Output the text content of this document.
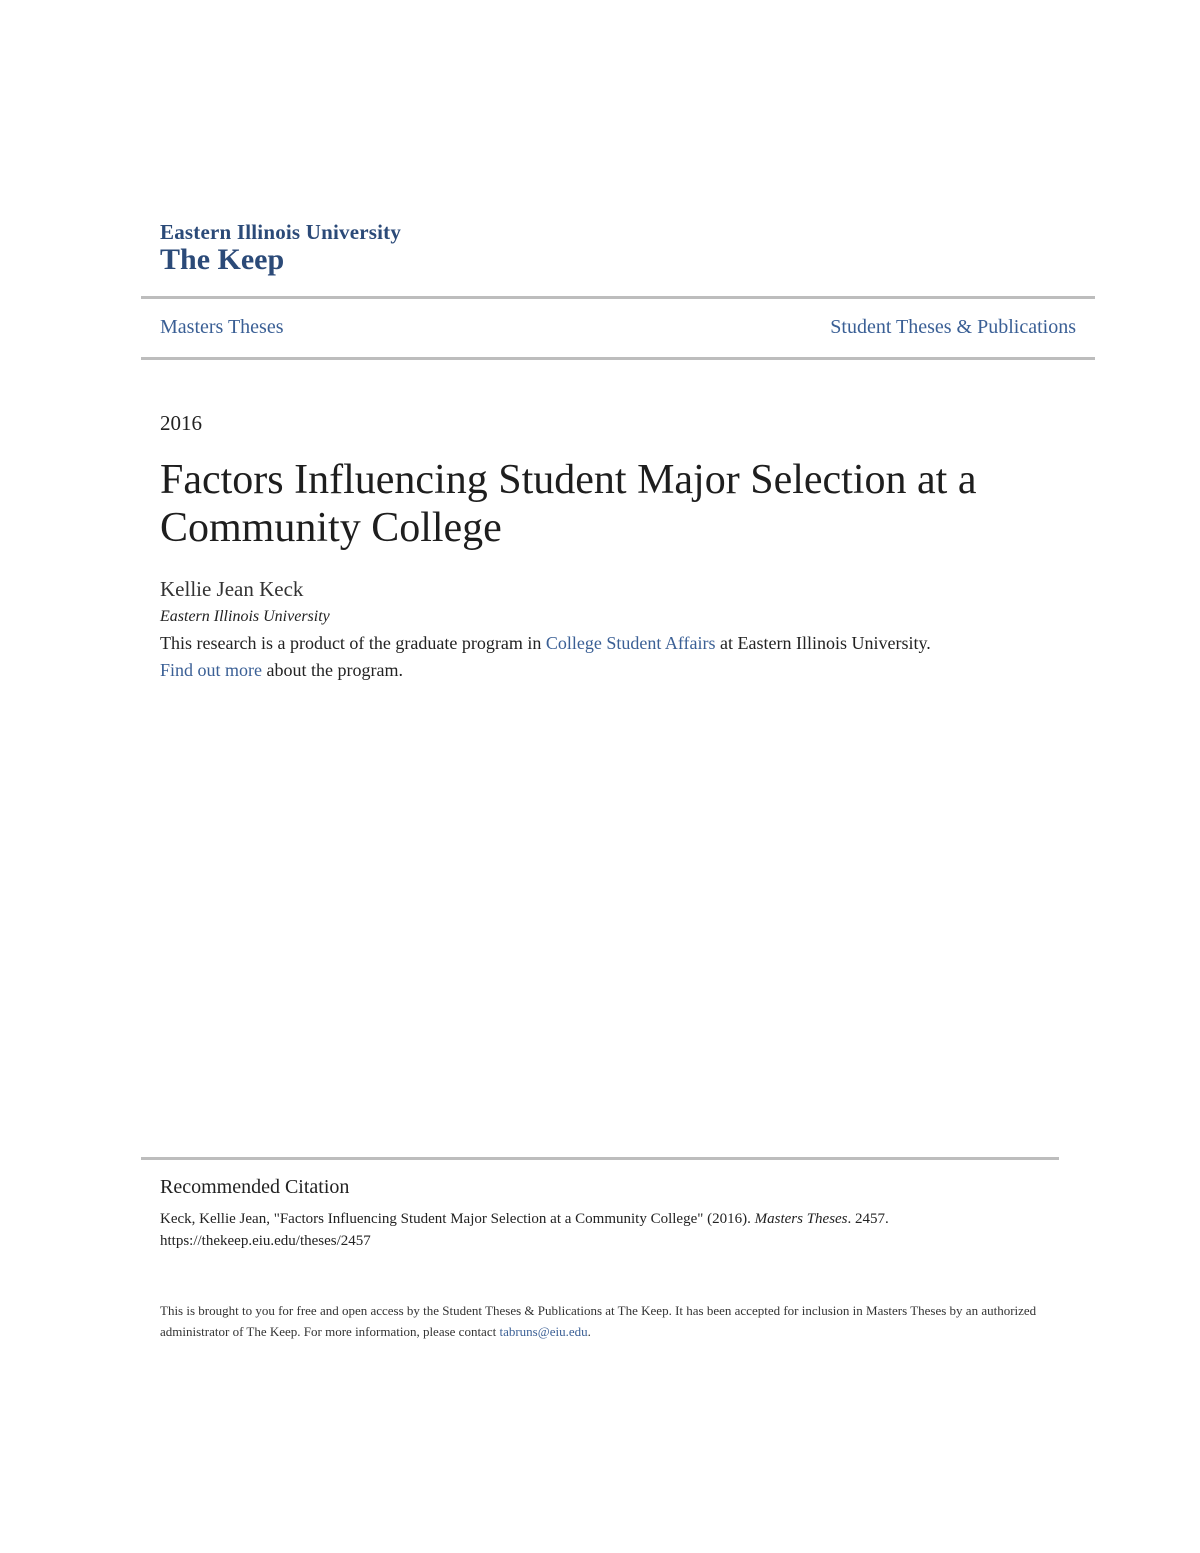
Eastern Illinois University
The Keep
Masters Theses	Student Theses & Publications
2016
Factors Influencing Student Major Selection at a Community College
Kellie Jean Keck
Eastern Illinois University
This research is a product of the graduate program in College Student Affairs at Eastern Illinois University.
Find out more about the program.
Recommended Citation
Keck, Kellie Jean, "Factors Influencing Student Major Selection at a Community College" (2016). Masters Theses. 2457.
https://thekeep.eiu.edu/theses/2457
This is brought to you for free and open access by the Student Theses & Publications at The Keep. It has been accepted for inclusion in Masters Theses by an authorized administrator of The Keep. For more information, please contact tabruns@eiu.edu.
